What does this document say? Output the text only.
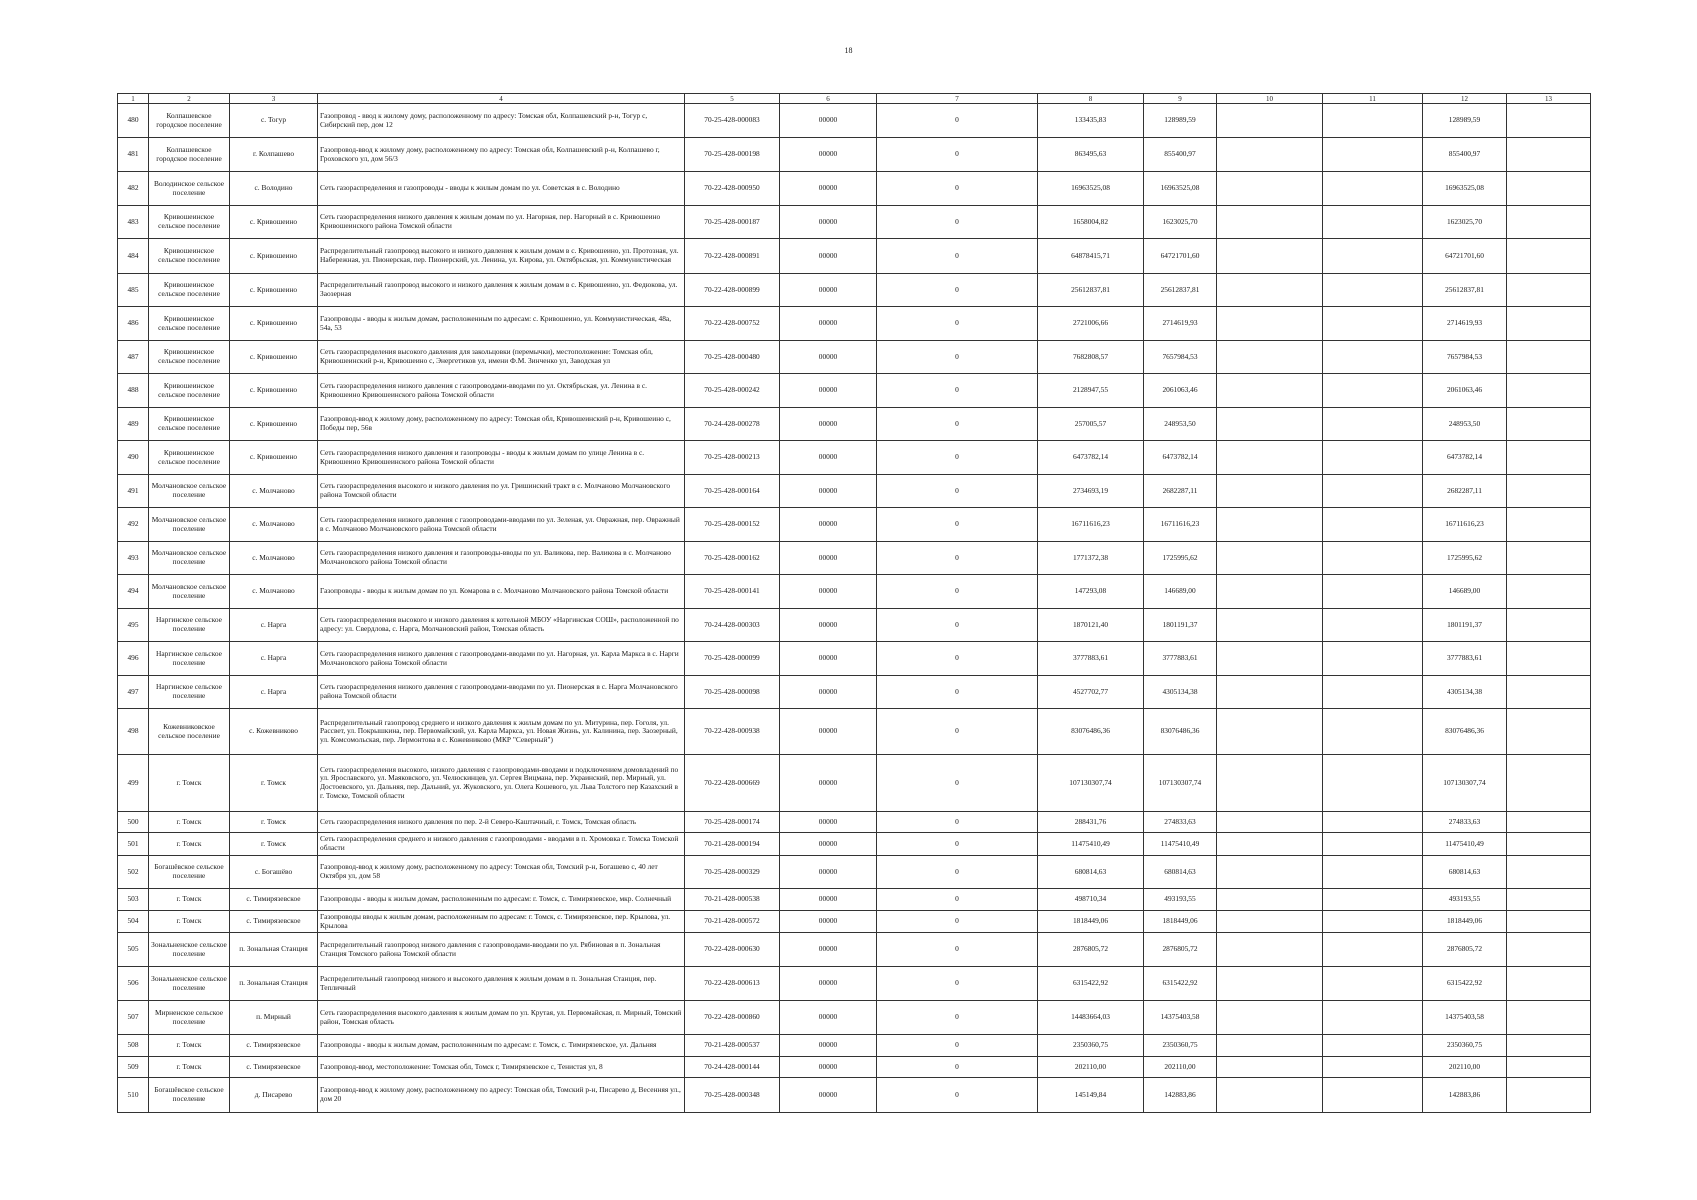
18
1	2	3	4	5	6	7	8	9	10	11	12	13
480	Колпашевское городское поселение	с. Тогур	Газопровод - ввод к жилому дому, расположенному по адресу: Томская обл, Колпашевский р-н, Тогур с, Сибирский пер, дом 12	70-25-428-000083	00000	0	133435,83	128989,59			128989,59	
481	Колпашевское городское поселение	г. Колпашево	Газопровод-ввод к жилому дому, расположенному по адресу: Томская обл, Колпашевский р-н, Колпашево г, Гроховского ул, дом 56/3	70-25-428-000198	00000	0	863495,63	855400,97			855400,97	
482	Володинское сельское поселение	с. Володино	Сеть газораспределения и газопроводы - вводы к жилым домам по ул. Советская в с. Володино	70-22-428-000950	00000	0	16963525,08	16963525,08			16963525,08	
483	Кривошеинское сельское поселение	с. Кривошеино	Сеть газораспределения низкого давления к жилым домам по ул. Нагорная, пер. Нагорный в с. Кривошеино Кривошеинского района Томской области	70-25-428-000187	00000	0	1658004,82	1623025,70			1623025,70	
484	Кривошеинское сельское поселение	с. Кривошеино	Распределительный газопровод высокого и низкого давления к жилым домам в с. Кривошеино, ул. Протозная, ул. Набережная, ул. Пионерская, пер. Пионерский, ул. Ленина, ул. Кирова, ул. Октябрьская, ул. Коммунистическая	70-22-428-000891	00000	0	64878415,71	64721701,60			64721701,60	
485	Кривошеинское сельское поселение	с. Кривошеино	Распределительный газопровод высокого и низкого давления к жилым домам в с. Кривошеино, ул. Федюкова, ул. Заозерная	70-22-428-000899	00000	0	25612837,81	25612837,81			25612837,81	
486	Кривошеинское сельское поселение	с. Кривошеино	Газопроводы - вводы к жилым домам, расположенным по адресам: с. Кривошеино, ул. Коммунистическая, 48а, 54а, 53	70-22-428-000752	00000	0	2721006,66	2714619,93			2714619,93	
487	Кривошеинское сельское поселение	с. Кривошеино	Сеть газораспределения высокого давления для закольцовки (перемычки), местоположение: Томская обл, Кривошеинский р-н, Кривошеино с, Энергетиков ул, имени Ф.М. Зинченко ул, Заводская ул	70-25-428-000480	00000	0	7682808,57	7657984,53			7657984,53	
488	Кривошеинское сельское поселение	с. Кривошеино	Сеть газораспределения низкого давления с газопроводами-вводами по ул. Октябрьская, ул. Ленина в с. Кривошеино Кривошеинского района Томской области	70-25-428-000242	00000	0	2128947,55	2061063,46			2061063,46	
489	Кривошеинское сельское поселение	с. Кривошеино	Газопровод-ввод к жилому дому, расположенному по адресу: Томская обл, Кривошеинский р-н, Кривошеино с, Победы пер, 56в	70-24-428-000278	00000	0	257005,57	248953,50			248953,50	
490	Кривошеинское сельское поселение	с. Кривошеино	Сеть газораспределения низкого давления и газопроводы - вводы к жилым домам по улице Ленина в с. Кривошеино Кривошеинского района Томской области	70-25-428-000213	00000	0	6473782,14	6473782,14			6473782,14	
491	Молчановское сельское поселение	с. Молчаново	Сеть газораспределения высокого и низкого давления по ул. Гришинский тракт в с. Молчаново Молчановского района Томской области	70-25-428-000164	00000	0	2734693,19	2682287,11			2682287,11	
492	Молчановское сельское поселение	с. Молчаново	Сеть газораспределения низкого давления с газопроводами-вводами по ул. Зеленая, ул. Овражная, пер. Овражный в с. Молчаново Молчановского района Томской области	70-25-428-000152	00000	0	16711616,23	16711616,23			16711616,23	
493	Молчановское сельское поселение	с. Молчаново	Сеть газораспределения низкого давления и газопроводы-вводы по ул. Валикова, пер. Валикова в с. Молчаново Молчановского района Томской области	70-25-428-000162	00000	0	1771372,38	1725995,62			1725995,62	
494	Молчановское сельское поселение	с. Молчаново	Газопроводы - вводы к жилым домам по ул. Комарова в с. Молчаново Молчановского района Томской области	70-25-428-000141	00000	0	147293,08	146689,00			146689,00	
495	Наргинское сельское поселение	с. Нарга	Сеть газораспределения высокого и низкого давления к котельной МБОУ «Наргинская СОШ», расположенной по адресу: ул. Свердлова, с. Нарга, Молчановский район, Томская область	70-24-428-000303	00000	0	1870121,40	1801191,37			1801191,37	
496	Наргинское сельское поселение	с. Нарга	Сеть газораспределения низкого давления с газопроводами-вводами по ул. Нагорная, ул. Карла Маркса в с. Нарги Молчановского района Томской области	70-25-428-000099	00000	0	3777883,61	3777883,61			3777883,61	
497	Наргинское сельское поселение	с. Нарга	Сеть газораспределения низкого давления с газопроводами-вводами по ул. Пионерская в с. Нарга Молчановского района Томской области	70-25-428-000098	00000	0	4527702,77	4305134,38			4305134,38	
498	Кожевниковское сельское поселение	с. Кожевниково	Распределительный газопровод среднего и низкого давления к жилым домам по ул. Митурина, пер. Гоголя, ул. Рассвет, ул. Покрышкина, пер. Первомайский, ул. Карла Маркса, ул. Новая Жизнь, ул. Калинина, пер. Заозерный, ул. Комсомольская, пер. Лермонтова в с. Кожевниково (МКР "Северный")	70-22-428-000938	00000	0	83076486,36	83076486,36			83076486,36	
499	г. Томск	г. Томск	Сеть газораспределения высокого, низкого давления с газопроводами-вводами и подключением домовладений по ул. Ярославского, ул. Маяковского, ул. Челюскинцев, ул. Сергея Вицмана, пер. Украинский, пер. Мирный, ул. Достоевского, ул. Дальняя, пер. Дальний, ул. Жуковского, ул. Олега Кошевого, ул. Льва Толстого пер Казахский в г. Томске, Томской области	70-22-428-000669	00000	0	107130307,74	107130307,74			107130307,74	
500	г. Томск	г. Томск	Сеть газораспределения низкого давления по пер. 2-й Северо-Каштачный, г. Томск, Томская область	70-25-428-000174	00000	0	288431,76	274833,63			274833,63	
501	г. Томск	г. Томск	Сеть газораспределения среднего и низкого давления с газопроводами - вводами в п. Хромовка г. Томска Томской области	70-21-428-000194	00000	0	11475410,49	11475410,49			11475410,49	
502	Богашёвское сельское поселение	с. Богашёво	Газопровод-ввод к жилому дому, расположенному по адресу: Томская обл, Томский р-н, Богашево с, 40 лет Октября ул, дом 58	70-25-428-000329	00000	0	680814,63	680814,63			680814,63	
503	г. Томск	с. Тимирязевское	Газопроводы - вводы к жилым домам, расположенным по адресам: г. Томск, с. Тимирязевское, мкр. Солнечный	70-21-428-000538	00000	0	498710,34	493193,55			493193,55	
504	г. Томск	с. Тимирязевское	Газопроводы вводы к жилым домам, расположенным по адресам: г. Томск, с. Тимирязевское, пер. Крылова, ул. Крылова	70-21-428-000572	00000	0	1818449,06	1818449,06			1818449,06	
505	Зональненское сельское поселение	п. Зональная Станция	Распределительный газопровод низкого давления с газопроводами-вводами по ул. Рябиновая в п. Зональная Станция Томского района Томской области	70-22-428-000630	00000	0	2876805,72	2876805,72			2876805,72	
506	Зональненское сельское поселение	п. Зональная Станция	Распределительный газопровод низкого и высокого давления к жилым домам в п. Зональная Станция, пер. Тепличный	70-22-428-000613	00000	0	6315422,92	6315422,92			6315422,92	
507	Мирненское сельское поселение	п. Мирный	Сеть газораспределения высокого давления к жилым домам по ул. Крутая, ул. Первомайская, п. Мирный, Томский район, Томская область	70-22-428-000860	00000	0	14483664,03	14375403,58			14375403,58	
508	г. Томск	с. Тимирязевское	Газопроводы - вводы к жилым домам, расположенным по адресам: г. Томск, с. Тимирязевское, ул. Дальняя	70-21-428-000537	00000	0	2350360,75	2350360,75			2350360,75	
509	г. Томск	с. Тимирязевское	Газопровод-ввод, местоположение: Томская обл, Томск г, Тимирязевское с, Тенистая ул, 8	70-24-428-000144	00000	0	202110,00	202110,00			202110,00	
510	Богашёвское сельское поселение	д. Писарево	Газопровод-ввод к жилому дому, расположенному по адресу: Томская обл, Томский р-н, Писарево д, Весенняя ул., дом 20	70-25-428-000348	00000	0	145149,84	142883,86			142883,86	
